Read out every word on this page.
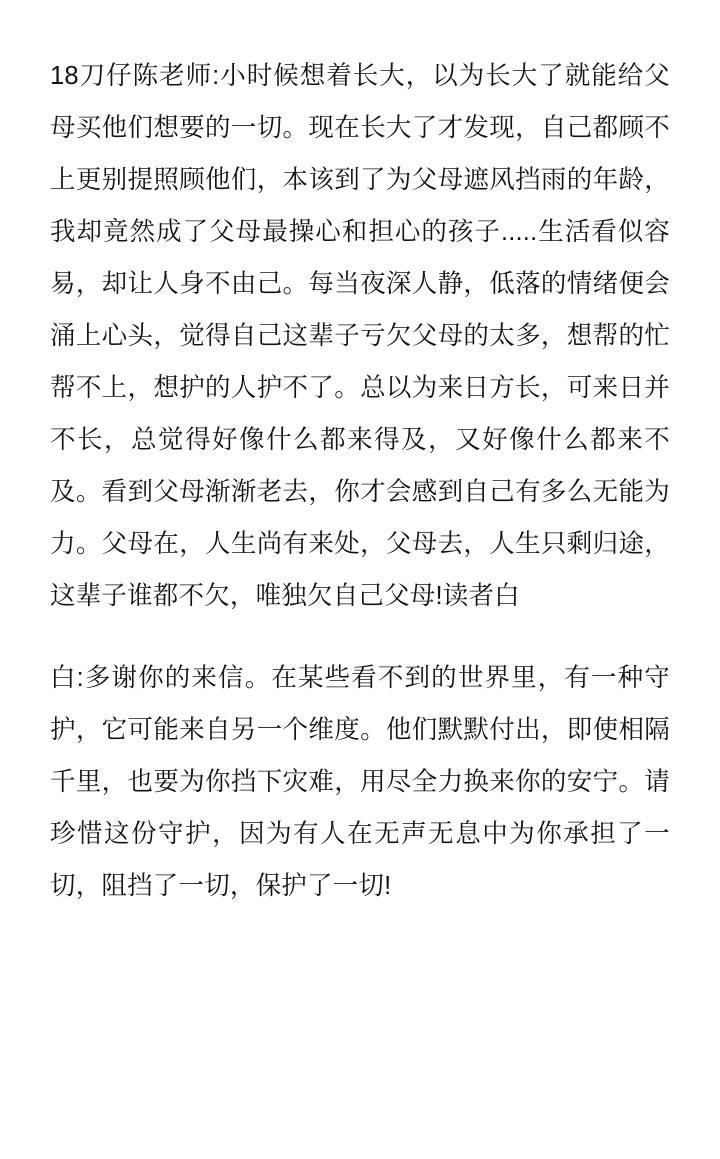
18刀仔陈老师:小时候想着长大，以为长大了就能给父母买他们想要的一切。现在长大了才发现，自己都顾不上更别提照顾他们，本该到了为父母遮风挡雨的年龄，我却竟然成了父母最操心和担心的孩子.....生活看似容易，却让人身不由己。每当夜深人静，低落的情绪便会涌上心头，觉得自己这辈子亏欠父母的太多，想帮的忙帮不上，想护的人护不了。总以为来日方长，可来日并不长，总觉得好像什么都来得及，又好像什么都来不及。看到父母渐渐老去，你才会感到自己有多么无能为力。父母在，人生尚有来处，父母去，人生只剩归途，这辈子谁都不欠，唯独欠自己父母!读者白

白:多谢你的来信。在某些看不到的世界里，有一种守护，它可能来自另一个维度。他们默默付出，即使相隔千里，也要为你挡下灾难，用尽全力换来你的安宁。请珍惜这份守护，因为有人在无声无息中为你承担了一切，阻挡了一切，保护了一切!
